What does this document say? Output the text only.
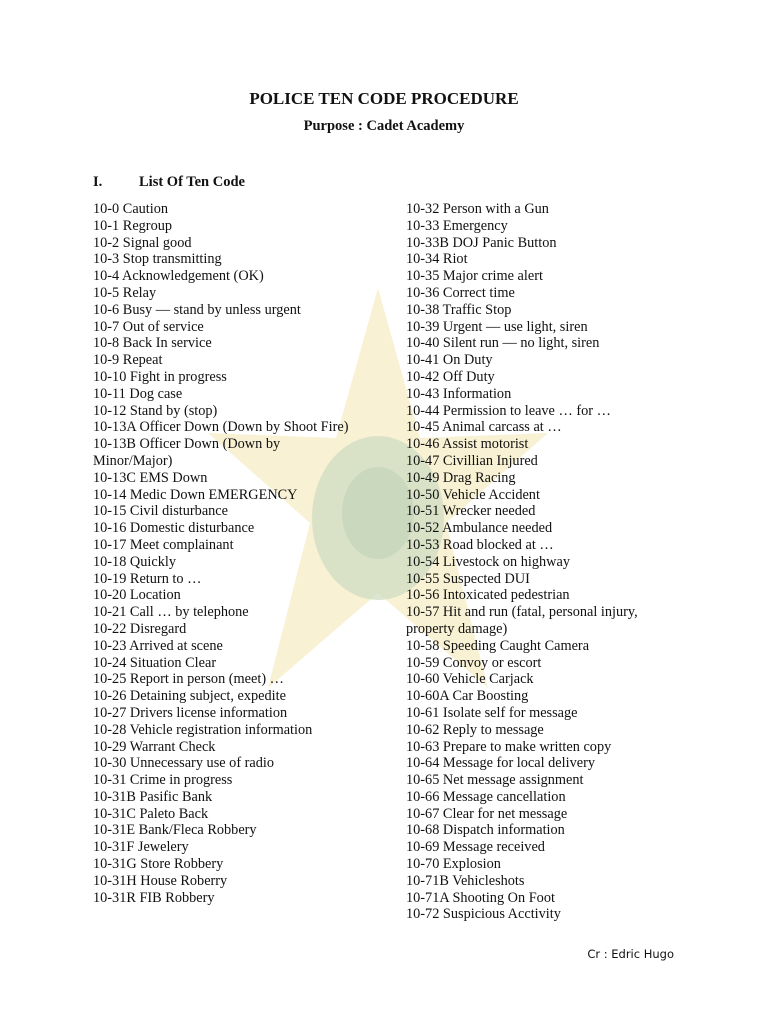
POLICE TEN CODE PROCEDURE
Purpose : Cadet Academy
I.	List Of Ten Code
10-0 Caution
10-1 Regroup
10-2 Signal good
10-3 Stop transmitting
10-4 Acknowledgement (OK)
10-5 Relay
10-6 Busy — stand by unless urgent
10-7 Out of service
10-8 Back In service
10-9 Repeat
10-10 Fight in progress
10-11 Dog case
10-12 Stand by (stop)
10-13A Officer Down (Down by Shoot Fire)
10-13B Officer Down (Down by Minor/Major)
10-13C EMS Down
10-14 Medic Down EMERGENCY
10-15 Civil disturbance
10-16 Domestic disturbance
10-17 Meet complainant
10-18 Quickly
10-19 Return to …
10-20 Location
10-21 Call … by telephone
10-22 Disregard
10-23 Arrived at scene
10-24 Situation Clear
10-25 Report in person (meet) …
10-26 Detaining subject, expedite
10-27 Drivers license information
10-28 Vehicle registration information
10-29 Warrant Check
10-30 Unnecessary use of radio
10-31 Crime in progress
10-31B Pasific Bank
10-31C Paleto Back
10-31E Bank/Fleca Robbery
10-31F Jewelery
10-31G Store Robbery
10-31H House Roberry
10-31R FIB Robbery
10-32 Person with a Gun
10-33 Emergency
10-33B DOJ Panic Button
10-34 Riot
10-35 Major crime alert
10-36 Correct time
10-38 Traffic Stop
10-39 Urgent — use light, siren
10-40 Silent run — no light, siren
10-41 On Duty
10-42 Off Duty
10-43 Information
10-44 Permission to leave … for …
10-45 Animal carcass at …
10-46 Assist motorist
10-47 Civillian Injured
10-49 Drag Racing
10-50 Vehicle Accident
10-51 Wrecker needed
10-52 Ambulance needed
10-53 Road blocked at …
10-54 Livestock on highway
10-55 Suspected DUI
10-56 Intoxicated pedestrian
10-57 Hit and run (fatal, personal injury, property damage)
10-58 Speeding Caught Camera
10-59 Convoy or escort
10-60 Vehicle Carjack
10-60A Car Boosting
10-61 Isolate self for message
10-62 Reply to message
10-63 Prepare to make written copy
10-64 Message for local delivery
10-65 Net message assignment
10-66 Message cancellation
10-67 Clear for net message
10-68 Dispatch information
10-69 Message received
10-70 Explosion
10-71B Vehicleshots
10-71A Shooting On Foot
10-72 Suspicious Acctivity
Cr : Edric Hugo
